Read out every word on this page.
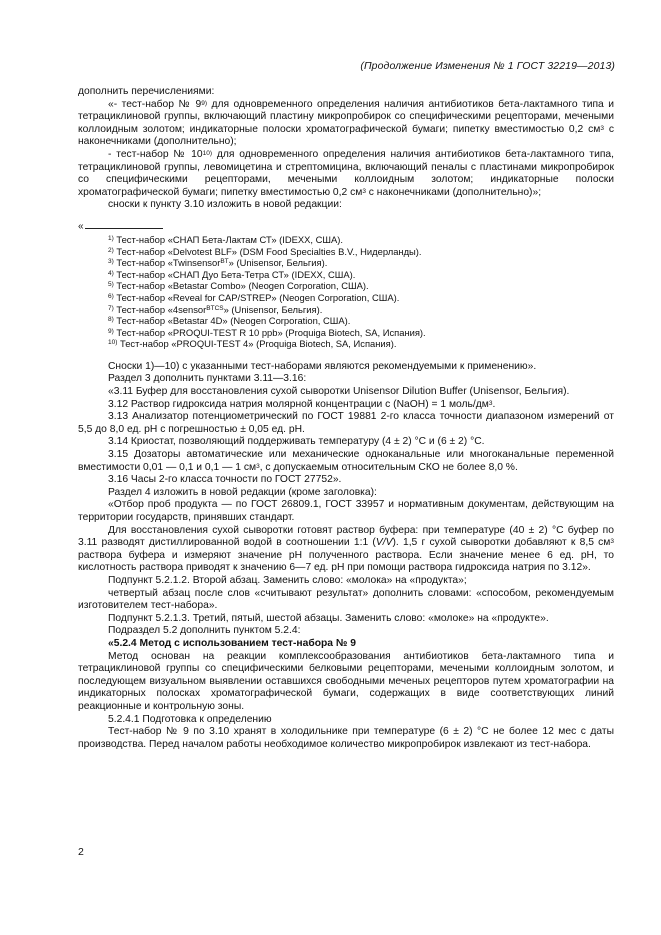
(Продолжение Изменения № 1 ГОСТ 32219—2013)

дополнить перечислениями:

«- тест-набор № 9$^{9)}$ для одновременного определения наличия антибиотиков бета-лактамного типа и тетрациклиновой группы, включающий пластину микропробирок со специфическими рецепторами, мечеными коллоидным золотом; индикаторные полоски хроматографической бумаги; пипетку вместимостью 0,2 $см^3$ с наконечниками (дополнительно);

- тест-набор № 10$^{10)}$ для одновременного определения наличия антибиотиков бета-лактамного типа, тетрациклиновой группы, левомицетина и стрептомицина, включающий пеналы с пластинами микропробирок со специфическими рецепторами, мечеными коллоидным золотом; индикаторные полоски хроматографической бумаги; пипетку вместимостью 0,2 $см^3$ с наконечниками (дополнительно)»;

сноски к пункту 3.10 изложить в новой редакции:

«
$^{1)}$ Тест-набор «СНАП Бета-Лактам СТ» (IDEXX, США).
$^{2)}$ Тест-набор «Delvotest BLF» (DSM Food Specialties B.V., Нидерланды).
$^{3)}$ Тест-набор «Twinsensor$^{BT}$» (Unisensor, Бельгия).
$^{4)}$ Тест-набор «СНАП Дуо Бета-Тетра СТ» (IDEXX, США).
$^{5)}$ Тест-набор «Betastar Combo» (Neogen Corporation, США).
$^{6)}$ Тест-набор «Reveal for CAP/STREP» (Neogen Corporation, США).
$^{7)}$ Тест-набор «4sensor$^{BTCS}$» (Unisensor, Бельгия).
$^{8)}$ Тест-набор «Betastar 4D» (Neogen Corporation, США).
$^{9)}$ Тест-набор «PROQUI-TEST R 10 ppb» (Proquiga Biotech, SA, Испания).
$^{10)}$ Тест-набор «PROQUI-TEST 4» (Proquiga Biotech, SA, Испания).

Сноски 1)—10) с указанными тест-наборами являются рекомендуемыми к применению».

Раздел 3 дополнить пунктами 3.11—3.16:

«3.11 Буфер для восстановления сухой сыворотки Unisensor Dilution Buffer (Unisensor, Бельгия).

3.12 Раствор гидроксида натрия молярной концентрации с (NaOH) = 1 моль/$дм^3$.

3.13 Анализатор потенциометрический по ГОСТ 19881 2-го класса точности диапазоном измерений от 5,5 до 8,0 ед. рН с погрешностью ± 0,05 ед. рН.

3.14 Криостат, позволяющий поддерживать температуру (4 ± 2) °С и (6 ± 2) °С.

3.15 Дозаторы автоматические или механические одноканальные или многоканальные переменной вместимости 0,01 — 0,1 и 0,1 — 1 $см^3$, с допускаемым относительным СКО не более 8,0 %.

3.16 Часы 2-го класса точности по ГОСТ 27752».

Раздел 4 изложить в новой редакции (кроме заголовка):

«Отбор проб продукта — по ГОСТ 26809.1, ГОСТ 33957 и нормативным документам, действующим на территории государств, принявших стандарт.

Для восстановления сухой сыворотки готовят раствор буфера: при температуре (40 ± 2) °С буфер по 3.11 разводят дистиллированной водой в соотношении 1:1 (V/V). 1,5 г сухой сыворотки добавляют к 8,5 $см^3$ раствора буфера и измеряют значение рН полученного раствора. Если значение менее 6 ед. рН, то кислотность раствора приводят к значению 6—7 ед. рН при помощи раствора гидроксида натрия по 3.12».

Подпункт 5.2.1.2. Второй абзац. Заменить слово: «молока» на «продукта»;

четвертый абзац после слов «считывают результат» дополнить словами: «способом, рекомендуемым изготовителем тест-набора».

Подпункт 5.2.1.3. Третий, пятый, шестой абзацы. Заменить слово: «молоке» на «продукте».

Подраздел 5.2 дополнить пунктом 5.2.4:

«5.2.4 Метод с использованием тест-набора № 9

Метод основан на реакции комплексообразования антибиотиков бета-лактамного типа и тетрациклиновой группы со специфическими белковыми рецепторами, мечеными коллоидным золотом, и последующем визуальном выявлении оставшихся свободными меченых рецепторов путем хроматографии на индикаторных полосках хроматографической бумаги, содержащих в виде соответствующих линий реакционные и контрольную зоны.

5.2.4.1 Подготовка к определению

Тест-набор № 9 по 3.10 хранят в холодильнике при температуре (6 ± 2) °С не более 12 мес с даты производства. Перед началом работы необходимое количество микропробирок извлекают из тест-набора.

2
